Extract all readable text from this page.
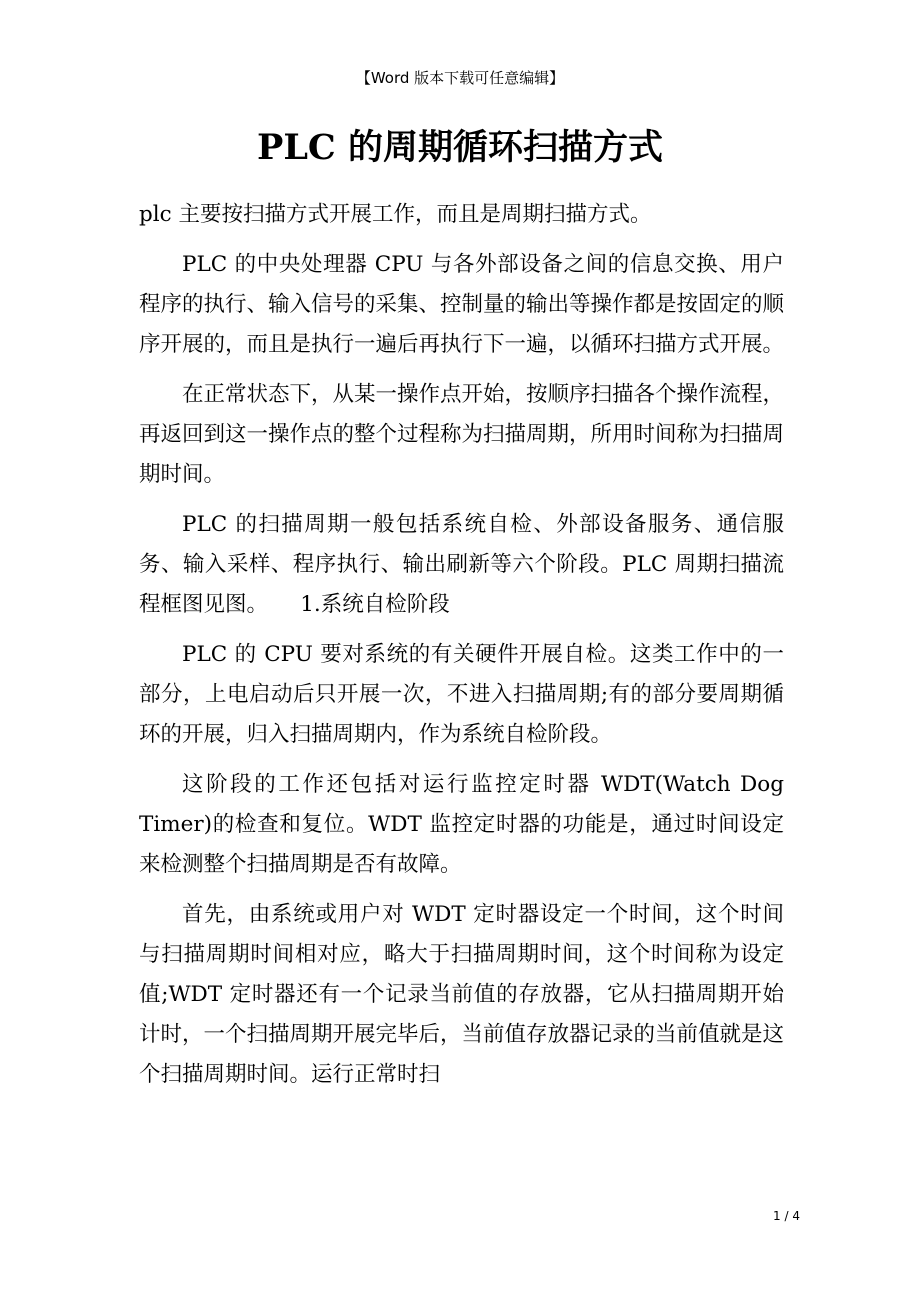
【Word 版本下载可任意编辑】
PLC 的周期循环扫描方式

plc 主要按扫描方式开展工作，而且是周期扫描方式。

PLC 的中央处理器 CPU 与各外部设备之间的信息交换、用户程序的执行、输入信号的采集、控制量的输出等操作都是按固定的顺序开展的，而且是执行一遍后再执行下一遍，以循环扫描方式开展。

在正常状态下，从某一操作点开始，按顺序扫描各个操作流程，再返回到这一操作点的整个过程称为扫描周期，所用时间称为扫描周期时间。

PLC 的扫描周期一般包括系统自检、外部设备服务、通信服务、输入采样、程序执行、输出刷新等六个阶段。PLC 周期扫描流程框图见图。　　1.系统自检阶段

PLC 的 CPU 要对系统的有关硬件开展自检。这类工作中的一部分，上电启动后只开展一次，不进入扫描周期;有的部分要周期循环的开展，归入扫描周期内，作为系统自检阶段。

这阶段的工作还包括对运行监控定时器 WDT(Watch Dog Timer)的检查和复位。WDT 监控定时器的功能是，通过时间设定来检测整个扫描周期是否有故障。

首先，由系统或用户对 WDT 定时器设定一个时间，这个时间与扫描周期时间相对应，略大于扫描周期时间，这个时间称为设定值;WDT 定时器还有一个记录当前值的存放器，它从扫描周期开始计时，一个扫描周期开展完毕后，当前值存放器记录的当前值就是这个扫描周期时间。运行正常时扫

1 / 4
